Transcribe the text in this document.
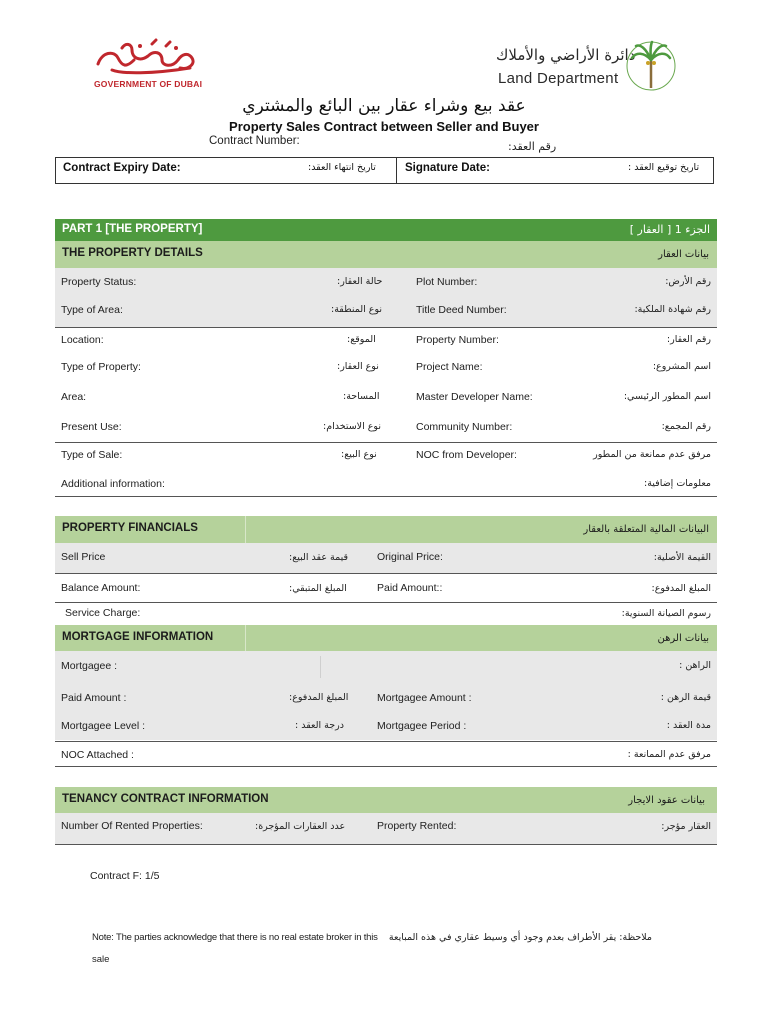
GOVERNMENT OF DUBAI
دائرة الأراضي والأملاك
Land Department
عقد بيع وشراء عقار بين البائع والمشتري
Property Sales Contract between Seller and Buyer
Contract Number:	رقم العقد:
Contract Expiry Date:	تاريخ انتهاء العقد:	Signature Date:	تاريخ توقيع العقد :
PART 1 [THE PROPERTY]	الجزء 1 [ العقار ]
THE PROPERTY DETAILS	بيانات العقار
Property Status:	حالة العقار:	Plot Number:	رقم الأرض:
Type of Area:	نوع المنطقة:	Title Deed Number:	رقم شهادة الملكية:
Location:	الموقع:	Property Number:	رقم العقار:
Type of Property:	نوع العقار:	Project Name:	اسم المشروع:
Area:	المساحة:	Master Developer Name:	اسم المطور الرئيسي:
Present Use:	نوع الاستخدام:	Community Number:	رقم المجمع:
Type of Sale:	نوع البيع:	NOC from Developer:	مرفق عدم ممانعة من المطور
Additional information:	معلومات إضافية:
PROPERTY FINANCIALS	البيانات المالية المتعلقة بالعقار
Sell Price	قيمة عقد البيع:	Original Price:	القيمة الأصلية:
Balance Amount:	المبلغ المتبقي:	Paid Amount::	المبلغ المدفوع:
Service Charge:	رسوم الصيانة السنوية:
MORTGAGE INFORMATION	بيانات الرهن
Mortgagee :	الراهن :
Paid Amount :	المبلغ المدفوع:	Mortgagee Amount :	قيمة الرهن :
Mortgagee Level :	درجة العقد :	Mortgagee Period :	مدة العقد :
NOC Attached :	مرفق عدم الممانعة :
TENANCY CONTRACT INFORMATION	بيانات عقود الايجار
Number Of Rented Properties:	عدد العقارات المؤجرة:	Property Rented:	العقار مؤجر:
Contract F: 1/5
Note: The parties acknowledge that there is no real estate broker in this
sale
ملاحظة: يقر الأطراف بعدم وجود أي وسيط عقاري في هذه المبايعة
